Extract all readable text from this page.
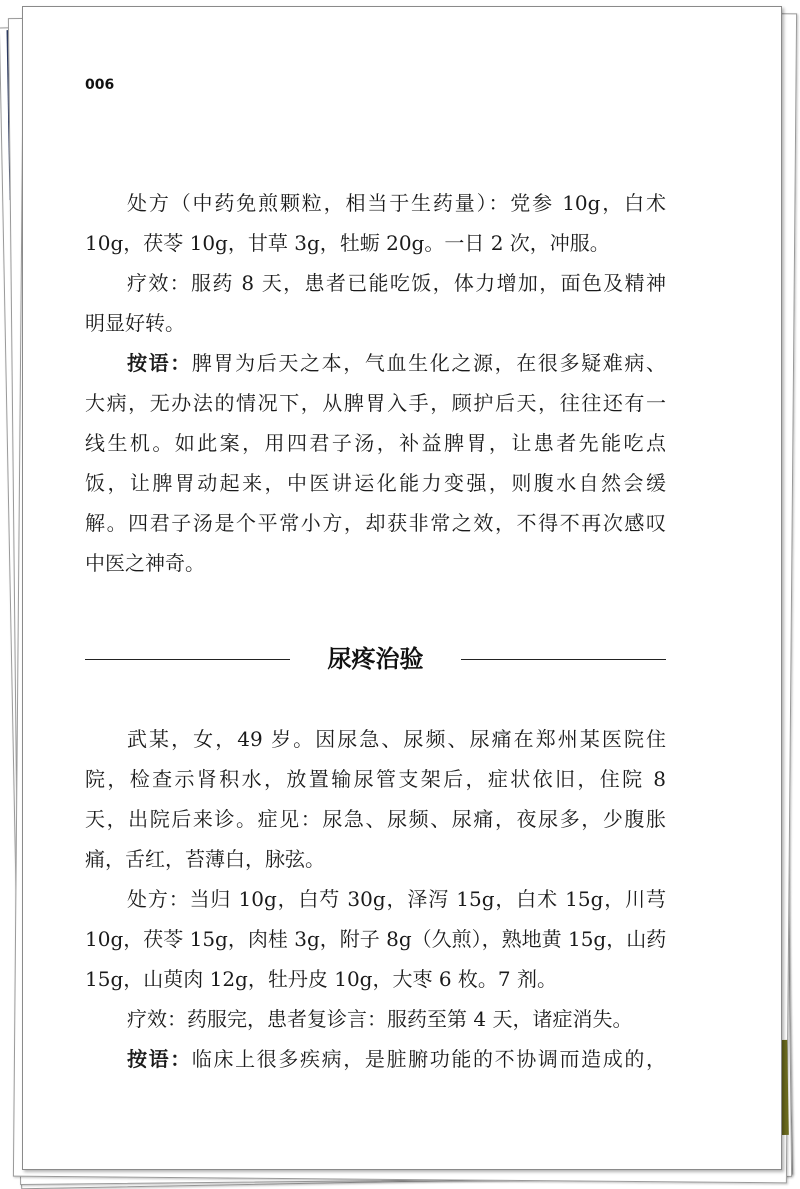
006
处方（中药免煎颗粒，相当于生药量）：党参 10g，白术
10g，茯苓 10g，甘草 3g，牡蛎 20g。一日 2 次，冲服。
疗效：服药 8 天，患者已能吃饭，体力增加，面色及精神
明显好转。
按语：脾胃为后天之本，气血生化之源，在很多疑难病、
大病，无办法的情况下，从脾胃入手，顾护后天，往往还有一
线生机。如此案，用四君子汤，补益脾胃，让患者先能吃点
饭，让脾胃动起来，中医讲运化能力变强，则腹水自然会缓
解。四君子汤是个平常小方，却获非常之效，不得不再次感叹
中医之神奇。
尿疼治验
武某，女，49 岁。因尿急、尿频、尿痛在郑州某医院住
院，检查示肾积水，放置输尿管支架后，症状依旧，住院 8
天，出院后来诊。症见：尿急、尿频、尿痛，夜尿多，少腹胀
痛，舌红，苔薄白，脉弦。
处方：当归 10g，白芍 30g，泽泻 15g，白术 15g，川芎
10g，茯苓 15g，肉桂 3g，附子 8g（久煎），熟地黄 15g，山药
15g，山萸肉 12g，牡丹皮 10g，大枣 6 枚。7 剂。
疗效：药服完，患者复诊言：服药至第 4 天，诸症消失。
按语：临床上很多疾病，是脏腑功能的不协调而造成的，
